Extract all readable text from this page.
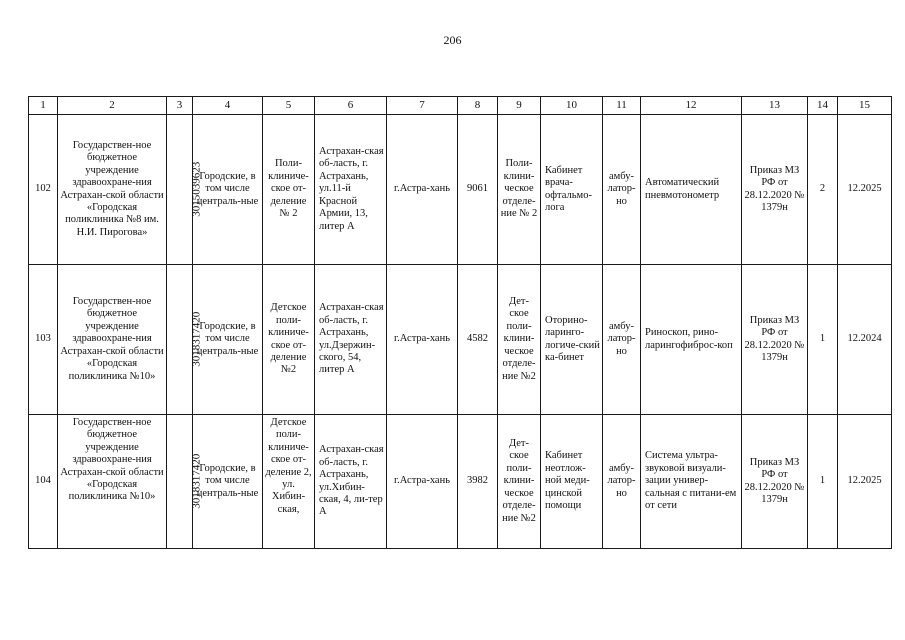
206
1	2	3	4	5	6	7	8	9	10	11	12	13	14	15
102	Государствен-ное бюджетное учреждение здравоохране-ния Астрахан-ской области «Городская поликлиника №8 им. Н.И. Пирогова»	3015039623	Городские, в том числе централь-ные	Поли-клиниче-ское от-деление № 2	Астрахан-ская об-ласть, г. Астрахань, ул.11-й Красной Армии, 13, литер А	г.Астра-хань	9061	Поли-клини-ческое отделе-ние № 2	Кабинет врача-офтальмо-лога	амбу-латор-но	Автоматический пневмотонометр	Приказ МЗ РФ от 28.12.2020 № 1379н	2	12.2025
103	Государствен-ное бюджетное учреждение здравоохране-ния Астрахан-ской области «Городская поликлиника №10»	3018317420	Городские, в том числе централь-ные	Детское поли-клиниче-ское от-деление №2	Астрахан-ская об-ласть, г. Астрахань, ул.Дзержин-ского, 54, литер А	г.Астра-хань	4582	Дет-ское поли-клини-ческое отделе-ние №2	Оторино-ларинго-логиче-ский ка-бинет	амбу-латор-но	Риноскоп, рино-ларингофиброс-коп	Приказ МЗ РФ от 28.12.2020 № 1379н	1	12.2024
104	Государствен-ное бюджетное учреждение здравоохране-ния Астрахан-ской области «Городская поликлиника №10»	3018317420	Городские, в том числе централь-ные	Детское поли-клиниче-ское от-деление 2, ул. Хибин-ская,	Астрахан-ская об-ласть, г. Астрахань, ул.Хибин-ская, 4, ли-тер А	г.Астра-хань	3982	Дет-ское поли-клини-ческое отделе-ние №2	Кабинет неотлож-ной меди-цинской помощи	амбу-латор-но	Система ультра-звуковой визуали-зации универ-сальная с питани-ем от сети	Приказ МЗ РФ от 28.12.2020 № 1379н	1	12.2025
